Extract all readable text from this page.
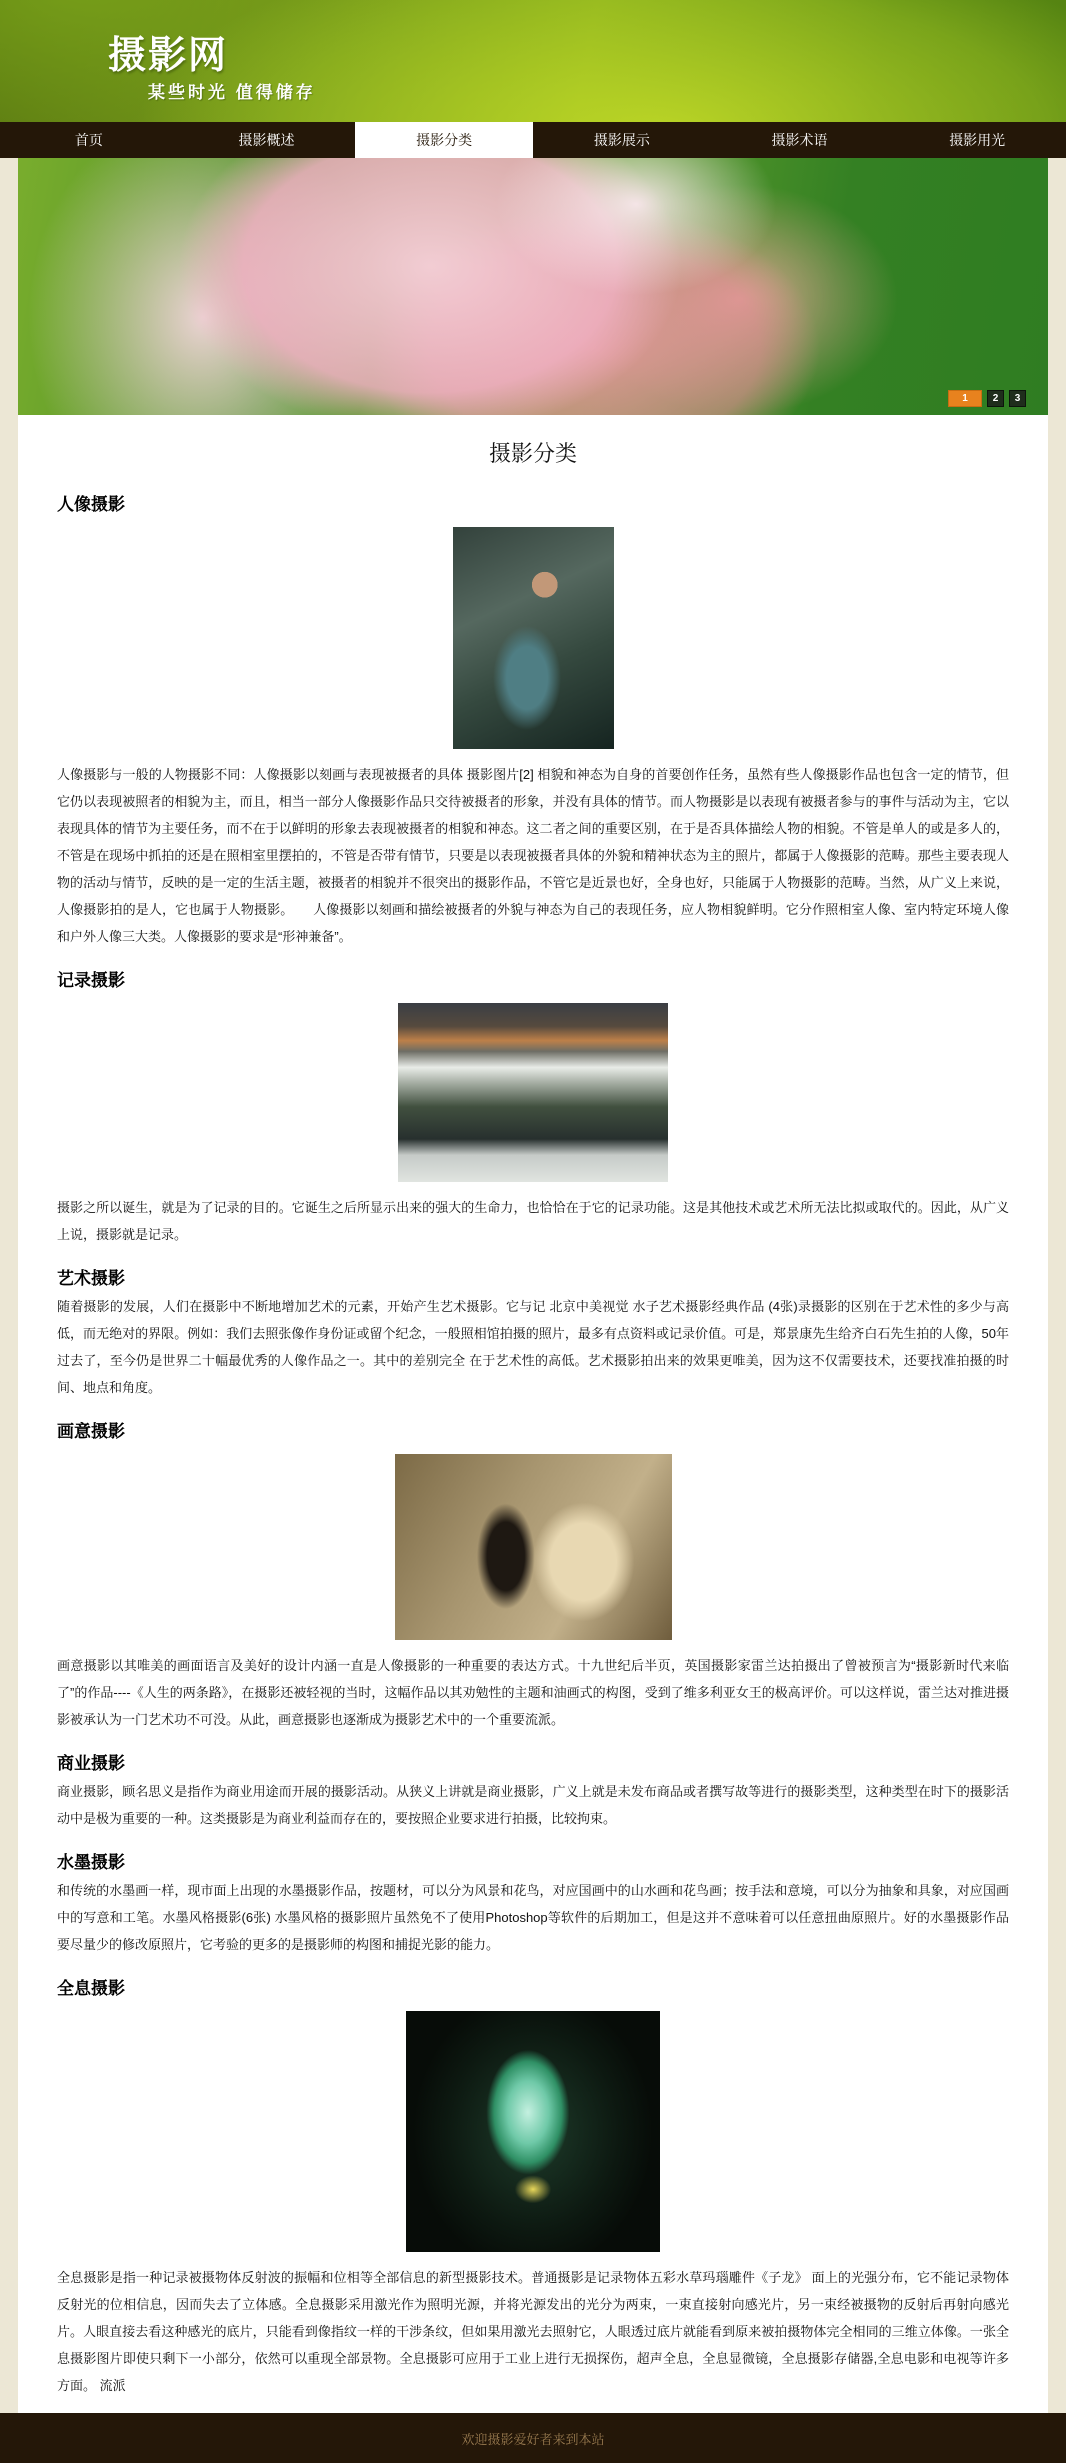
摄影网

某些时光 值得储存

首页	摄影概述	摄影分类	摄影展示	摄影术语	摄影用光
1	2	3
摄影分类
人像摄影

人像摄影与一般的人物摄影不同：人像摄影以刻画与表现被摄者的具体 摄影图片[2] 相貌和神态为自身的首要创作任务，虽然有些人像摄影作品也包含一定的情节，但它仍以表现被照者的相貌为主，而且，相当一部分人像摄影作品只交待被摄者的形象，并没有具体的情节。而人物摄影是以表现有被摄者参与的事件与活动为主，它以表现具体的情节为主要任务，而不在于以鲜明的形象去表现被摄者的相貌和神态。这二者之间的重要区别，在于是否具体描绘人物的相貌。不管是单人的或是多人的，不管是在现场中抓拍的还是在照相室里摆拍的，不管是否带有情节，只要是以表现被摄者具体的外貌和精神状态为主的照片，都属于人像摄影的范畴。那些主要表现人物的活动与情节，反映的是一定的生活主题，被摄者的相貌并不很突出的摄影作品，不管它是近景也好，全身也好，只能属于人物摄影的范畴。当然，从广义上来说，人像摄影拍的是人，它也属于人物摄影。　　人像摄影以刻画和描绘被摄者的外貌与神态为自己的表现任务，应人物相貌鲜明。它分作照相室人像、室内特定环境人像和户外人像三大类。人像摄影的要求是“形神兼备”。

记录摄影

摄影之所以诞生，就是为了记录的目的。它诞生之后所显示出来的强大的生命力，也恰恰在于它的记录功能。这是其他技术或艺术所无法比拟或取代的。因此，从广义上说，摄影就是记录。

艺术摄影

随着摄影的发展，人们在摄影中不断地增加艺术的元素，开始产生艺术摄影。它与记 北京中美视觉 水子艺术摄影经典作品 (4张)录摄影的区别在于艺术性的多少与高低，而无绝对的界限。例如：我们去照张像作身份证或留个纪念，一般照相馆拍摄的照片，最多有点资料或记录价值。可是，郑景康先生给齐白石先生拍的人像，50年过去了，至今仍是世界二十幅最优秀的人像作品之一。其中的差别完全 在于艺术性的高低。艺术摄影拍出来的效果更唯美，因为这不仅需要技术，还要找准拍摄的时间、地点和角度。

画意摄影

画意摄影以其唯美的画面语言及美好的设计内涵一直是人像摄影的一种重要的表达方式。十九世纪后半页，英国摄影家雷兰达拍摄出了曾被预言为“摄影新时代来临了”的作品----《人生的两条路》，在摄影还被轻视的当时，这幅作品以其劝勉性的主题和油画式的构图，受到了维多利亚女王的极高评价。可以这样说，雷兰达对推进摄影被承认为一门艺术功不可没。从此，画意摄影也逐渐成为摄影艺术中的一个重要流派。

商业摄影

商业摄影，顾名思义是指作为商业用途而开展的摄影活动。从狭义上讲就是商业摄影，广义上就是未发布商品或者撰写故等进行的摄影类型，这种类型在时下的摄影活动中是极为重要的一种。这类摄影是为商业利益而存在的，要按照企业要求进行拍摄，比较拘束。

水墨摄影

和传统的水墨画一样，现市面上出现的水墨摄影作品，按题材，可以分为风景和花鸟，对应国画中的山水画和花鸟画；按手法和意境，可以分为抽象和具象，对应国画中的写意和工笔。水墨风格摄影(6张) 水墨风格的摄影照片虽然免不了使用Photoshop等软件的后期加工，但是这并不意味着可以任意扭曲原照片。好的水墨摄影作品要尽量少的修改原照片，它考验的更多的是摄影师的构图和捕捉光影的能力。

全息摄影

全息摄影是指一种记录被摄物体反射波的振幅和位相等全部信息的新型摄影技术。普通摄影是记录物体五彩水草玛瑙雕件《子龙》 面上的光强分布，它不能记录物体反射光的位相信息，因而失去了立体感。全息摄影采用激光作为照明光源，并将光源发出的光分为两束，一束直接射向感光片，另一束经被摄物的反射后再射向感光片。人眼直接去看这种感光的底片，只能看到像指纹一样的干涉条纹，但如果用激光去照射它，人眼透过底片就能看到原来被拍摄物体完全相同的三维立体像。一张全息摄影图片即使只剩下一小部分，依然可以重现全部景物。全息摄影可应用于工业上进行无损探伤，超声全息，全息显微镜，全息摄影存储器,全息电影和电视等许多方面。 流派

欢迎摄影爱好者来到本站
